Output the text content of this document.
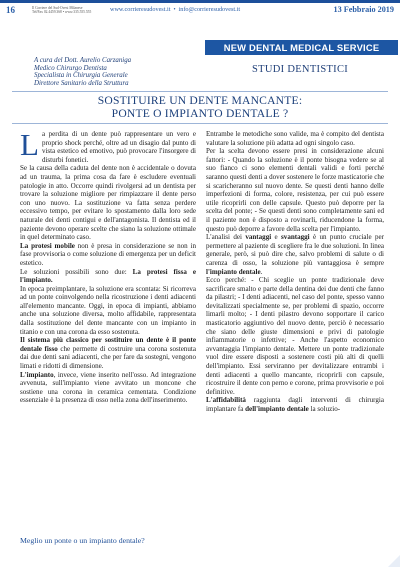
16	Il Corriere del Sud-Ovest Milanese
Tel/Fax 02.4459.368 • www.335.555.555	www.corrieresudovest.it • info@corrieresudovest.it	13 Febbraio 2019
NEW DENTAL MEDICAL SERVICE
A cura del Dott. Aurelio Carzaniga
Medico Chirurgo Dentista
Specialista in Chirurgia Generale
Direttore Sanitario della Struttura
STUDI DENTISTICI
SOSTITUIRE UN DENTE MANCANTE:
PONTE O IMPIANTO DENTALE ?

La perdita di un dente può rappresentare un vero e proprio shock perché, oltre ad un disagio dal punto di vista estetico ed emotivo, può provocare l'insorgere di disturbi fonetici.

Se la causa della caduta del dente non è accidentale o dovuta ad un trauma, la prima cosa da fare è escludere eventuali patologie in atto. Occorre quindi rivolgersi ad un dentista per trovare la soluzione migliore per rimpiazzare il dente perso con uno nuovo. La sostituzione va fatta senza perdere eccessivo tempo, per evitare lo spostamento dalla loro sede naturale dei denti contigui e dell'antagonista. Il dentista ed il paziente devono operare scelte che siano la soluzione ottimale in quel determinato caso.

La protesi mobile non è presa in considerazione se non in fase provvisoria o come soluzione di emergenza per un deficit estetico.

Le soluzioni possibili sono due: La protesi fissa e l'impianto.

In epoca preimplantare, la soluzione era scontata: Si ricorreva ad un ponte coinvolgendo nella ricostruzione i denti adiacenti all'elemento mancante. Oggi, in epoca di impianti, abbiamo anche una soluzione diversa, molto affidabile, rappresentata dalla sostituzione del dente mancante con un impianto in titanio e con una corona da esso sostenuta.

Il sistema più classico per sostituire un dente è il ponte dentale fisso che permette di costruire una corona sostenuta dai due denti sani adiacenti, che per fare da sostegni, vengono limati e ridotti di dimensione.

L'impianto, invece, viene inserito nell'osso. Ad integrazione avvenuta, sull'impianto viene avvitato un moncone che sostiene una corona in ceramica cementata. Condizione essenziale è la presenza di osso nella zona dell'inserimento.

Meglio un ponte o un impianto dentale?

Entrambe le metodiche sono valide, ma è compito del dentista valutare la soluzione più adatta ad ogni singolo caso.

Per la scelta devono essere presi in considerazione alcuni fattori: - Quando la soluzione è il ponte bisogna vedere se al suo fianco ci sono elementi dentali validi e forti perché saranno questi denti a dover sostenere le forze masticatorie che si scaricheranno sul nuovo dente. Se questi denti hanno delle imperfezioni di forma, colore, resistenza, per cui può essere utile ricoprirli con delle capsule. Questo può deporre per la scelta del ponte; - Se questi denti sono completamente sani ed il paziente non è disposto a rovinarli, riducendone la forma, questo può deporre a favore della scelta per l'impianto.

L'analisi dei vantaggi e svantaggi è un punto cruciale per permettere al paziente di scegliere fra le due soluzioni. In linea generale, però, si può dire che, salvo problemi di salute o di carenza di osso, la soluzione più vantaggiosa è sempre l'impianto dentale.

Ecco perché: - Chi sceglie un ponte tradizionale deve sacrificare smalto e parte della dentina dei due denti che fanno da pilastri; - I denti adiacenti, nel caso del ponte, spesso vanno devitalizzati specialmente se, per problemi di spazio, occorre limarli molto; - I denti pilastro devono sopportare il carico masticatorio aggiuntivo del nuovo dente, perciò è necessario che siano delle giuste dimensioni e privi di patologie infiammatorie o infettive; - Anche l'aspetto economico avvantaggia l'impianto dentale. Mettere un ponte tradizionale vuol dire essere disposti a sostenere costi più alti di quelli dell'impianto. Essi serviranno per devitalizzare entrambi i denti adiacenti a quello mancante, ricoprirli con capsule, ricostruire il dente con perno e corone, prima provvisorie e poi definitive.

L'affidabilità raggiunta dagli interventi di chirurgia implantare fa dell'impianto dentale la soluzio-
